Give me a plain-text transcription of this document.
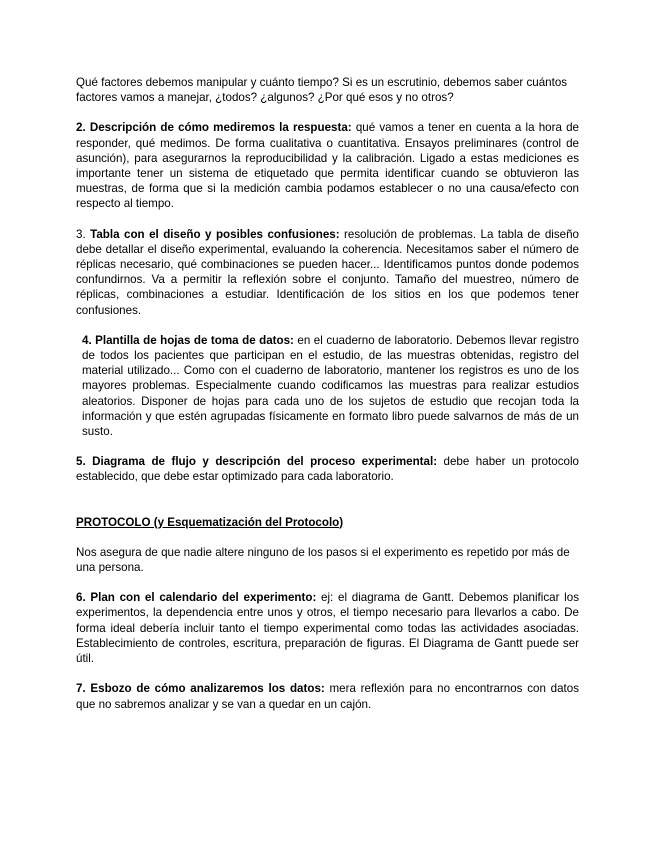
Qué factores debemos manipular y cuánto tiempo? Si es un escrutinio, debemos saber cuántos factores vamos a manejar, ¿todos? ¿algunos? ¿Por qué esos y no otros?

2. Descripción de cómo mediremos la respuesta: qué vamos a tener en cuenta a la hora de responder, qué medimos. De forma cualitativa o cuantitativa. Ensayos preliminares (control de asunción), para asegurarnos la reproducibilidad y la calibración. Ligado a estas mediciones es importante tener un sistema de etiquetado que permita identificar cuando se obtuvieron las muestras, de forma que si la medición cambia podamos establecer o no una causa/efecto con respecto al tiempo.

3. Tabla con el diseño y posibles confusiones: resolución de problemas. La tabla de diseño debe detallar el diseño experimental, evaluando la coherencia. Necesitamos saber el número de réplicas necesario, qué combinaciones se pueden hacer... Identificamos puntos donde podemos confundirnos. Va a permitir la reflexión sobre el conjunto. Tamaño del muestreo, número de réplicas, combinaciones a estudiar. Identificación de los sitios en los que podemos tener confusiones.

4. Plantilla de hojas de toma de datos: en el cuaderno de laboratorio. Debemos llevar registro de todos los pacientes que participan en el estudio, de las muestras obtenidas, registro del material utilizado... Como con el cuaderno de laboratorio, mantener los registros es uno de los mayores problemas. Especialmente cuando codificamos las muestras para realizar estudios aleatorios. Disponer de hojas para cada uno de los sujetos de estudio que recojan toda la información y que estén agrupadas físicamente en formato libro puede salvarnos de más de un susto.

5. Diagrama de flujo y descripción del proceso experimental: debe haber un protocolo establecido, que debe estar optimizado para cada laboratorio.

PROTOCOLO (y Esquematización del Protocolo)

Nos asegura de que nadie altere ninguno de los pasos si el experimento es repetido por más de una persona.

6. Plan con el calendario del experimento: ej: el diagrama de Gantt. Debemos planificar los experimentos, la dependencia entre unos y otros, el tiempo necesario para llevarlos a cabo. De forma ideal debería incluir tanto el tiempo experimental como todas las actividades asociadas. Establecimiento de controles, escritura, preparación de figuras. El Diagrama de Gantt puede ser útil.

7. Esbozo de cómo analizaremos los datos: mera reflexión para no encontrarnos con datos que no sabremos analizar y se van a quedar en un cajón.
